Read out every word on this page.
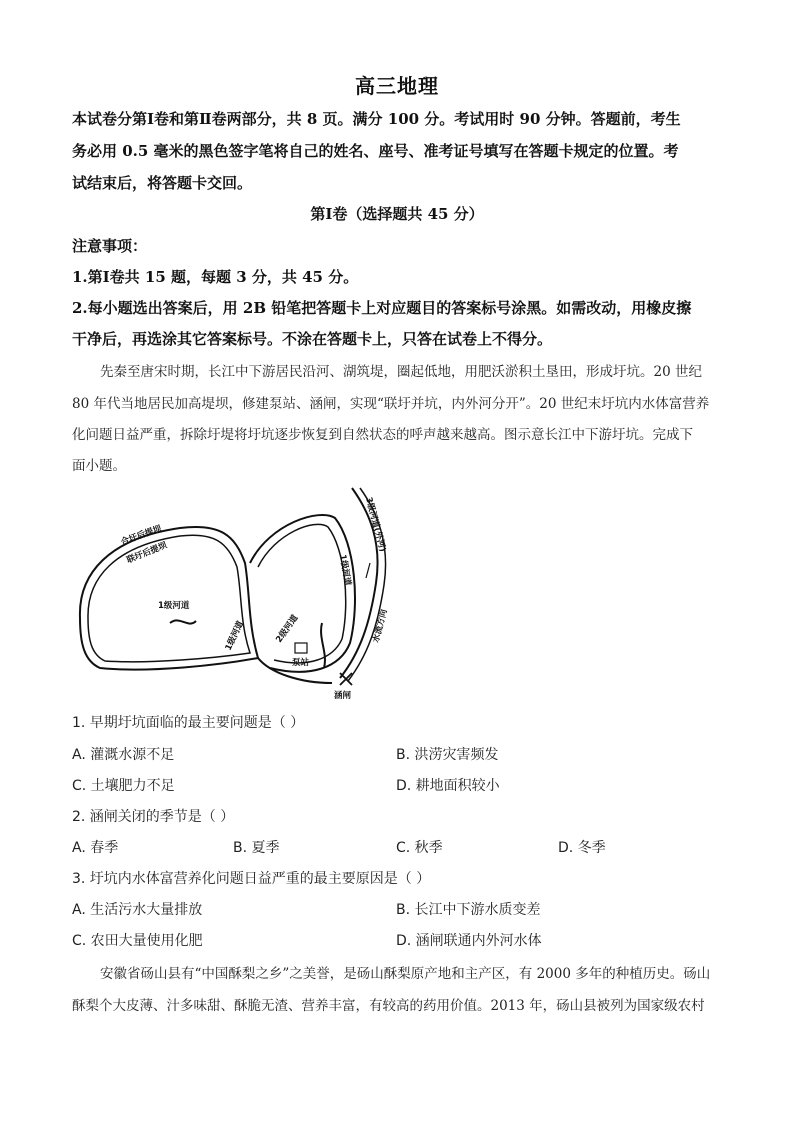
高三地理
本试卷分第Ⅰ卷和第Ⅱ卷两部分，共 8 页。满分 100 分。考试用时 90 分钟。答题前，考生
务必用 0.5 毫米的黑色签字笔将自己的姓名、座号、准考证号填写在答题卡规定的位置。考
试结束后，将答题卡交回。
第Ⅰ卷（选择题共 45 分）
注意事项：
1.第Ⅰ卷共 15 题，每题 3 分，共 45 分。
2.每小题选出答案后，用 2B 铅笔把答题卡上对应题目的答案标号涂黑。如需改动，用橡皮擦
干净后，再选涂其它答案标号。不涂在答题卡上，只答在试卷上不得分。
先秦至唐宋时期，长江中下游居民沿河、湖筑堤，圈起低地，用肥沃淤积土垦田，形成圩坑。20 世纪
80 年代当地居民加高堤坝，修建泵站、涵闸，实现“联圩并坑，内外河分开”。20 世纪末圩坑内水体富营养
化问题日益严重，拆除圩堤将圩坑逐步恢复到自然状态的呼声越来越高。图示意长江中下游圩坑。完成下
面小题。
合圩后提坝
联圩后提坝
1级河道
1级河道
1级河道
3级河道(外河)
2级河道	水流方向
泵站
涵闸
1. 早期圩坑面临的最主要问题是（ ）
A. 灌溉水源不足	B. 洪涝灾害频发
C. 土壤肥力不足	D. 耕地面积较小
2. 涵闸关闭的季节是（ ）
A. 春季	B. 夏季	C. 秋季	D. 冬季
3. 圩坑内水体富营养化问题日益严重的最主要原因是（ ）
A. 生活污水大量排放	B. 长江中下游水质变差
C. 农田大量使用化肥	D. 涵闸联通内外河水体
安徽省砀山县有“中国酥梨之乡”之美誉，是砀山酥梨原产地和主产区，有 2000 多年的种植历史。砀山
酥梨个大皮薄、汁多味甜、酥脆无渣、营养丰富，有较高的药用价值。2013 年，砀山县被列为国家级农村
